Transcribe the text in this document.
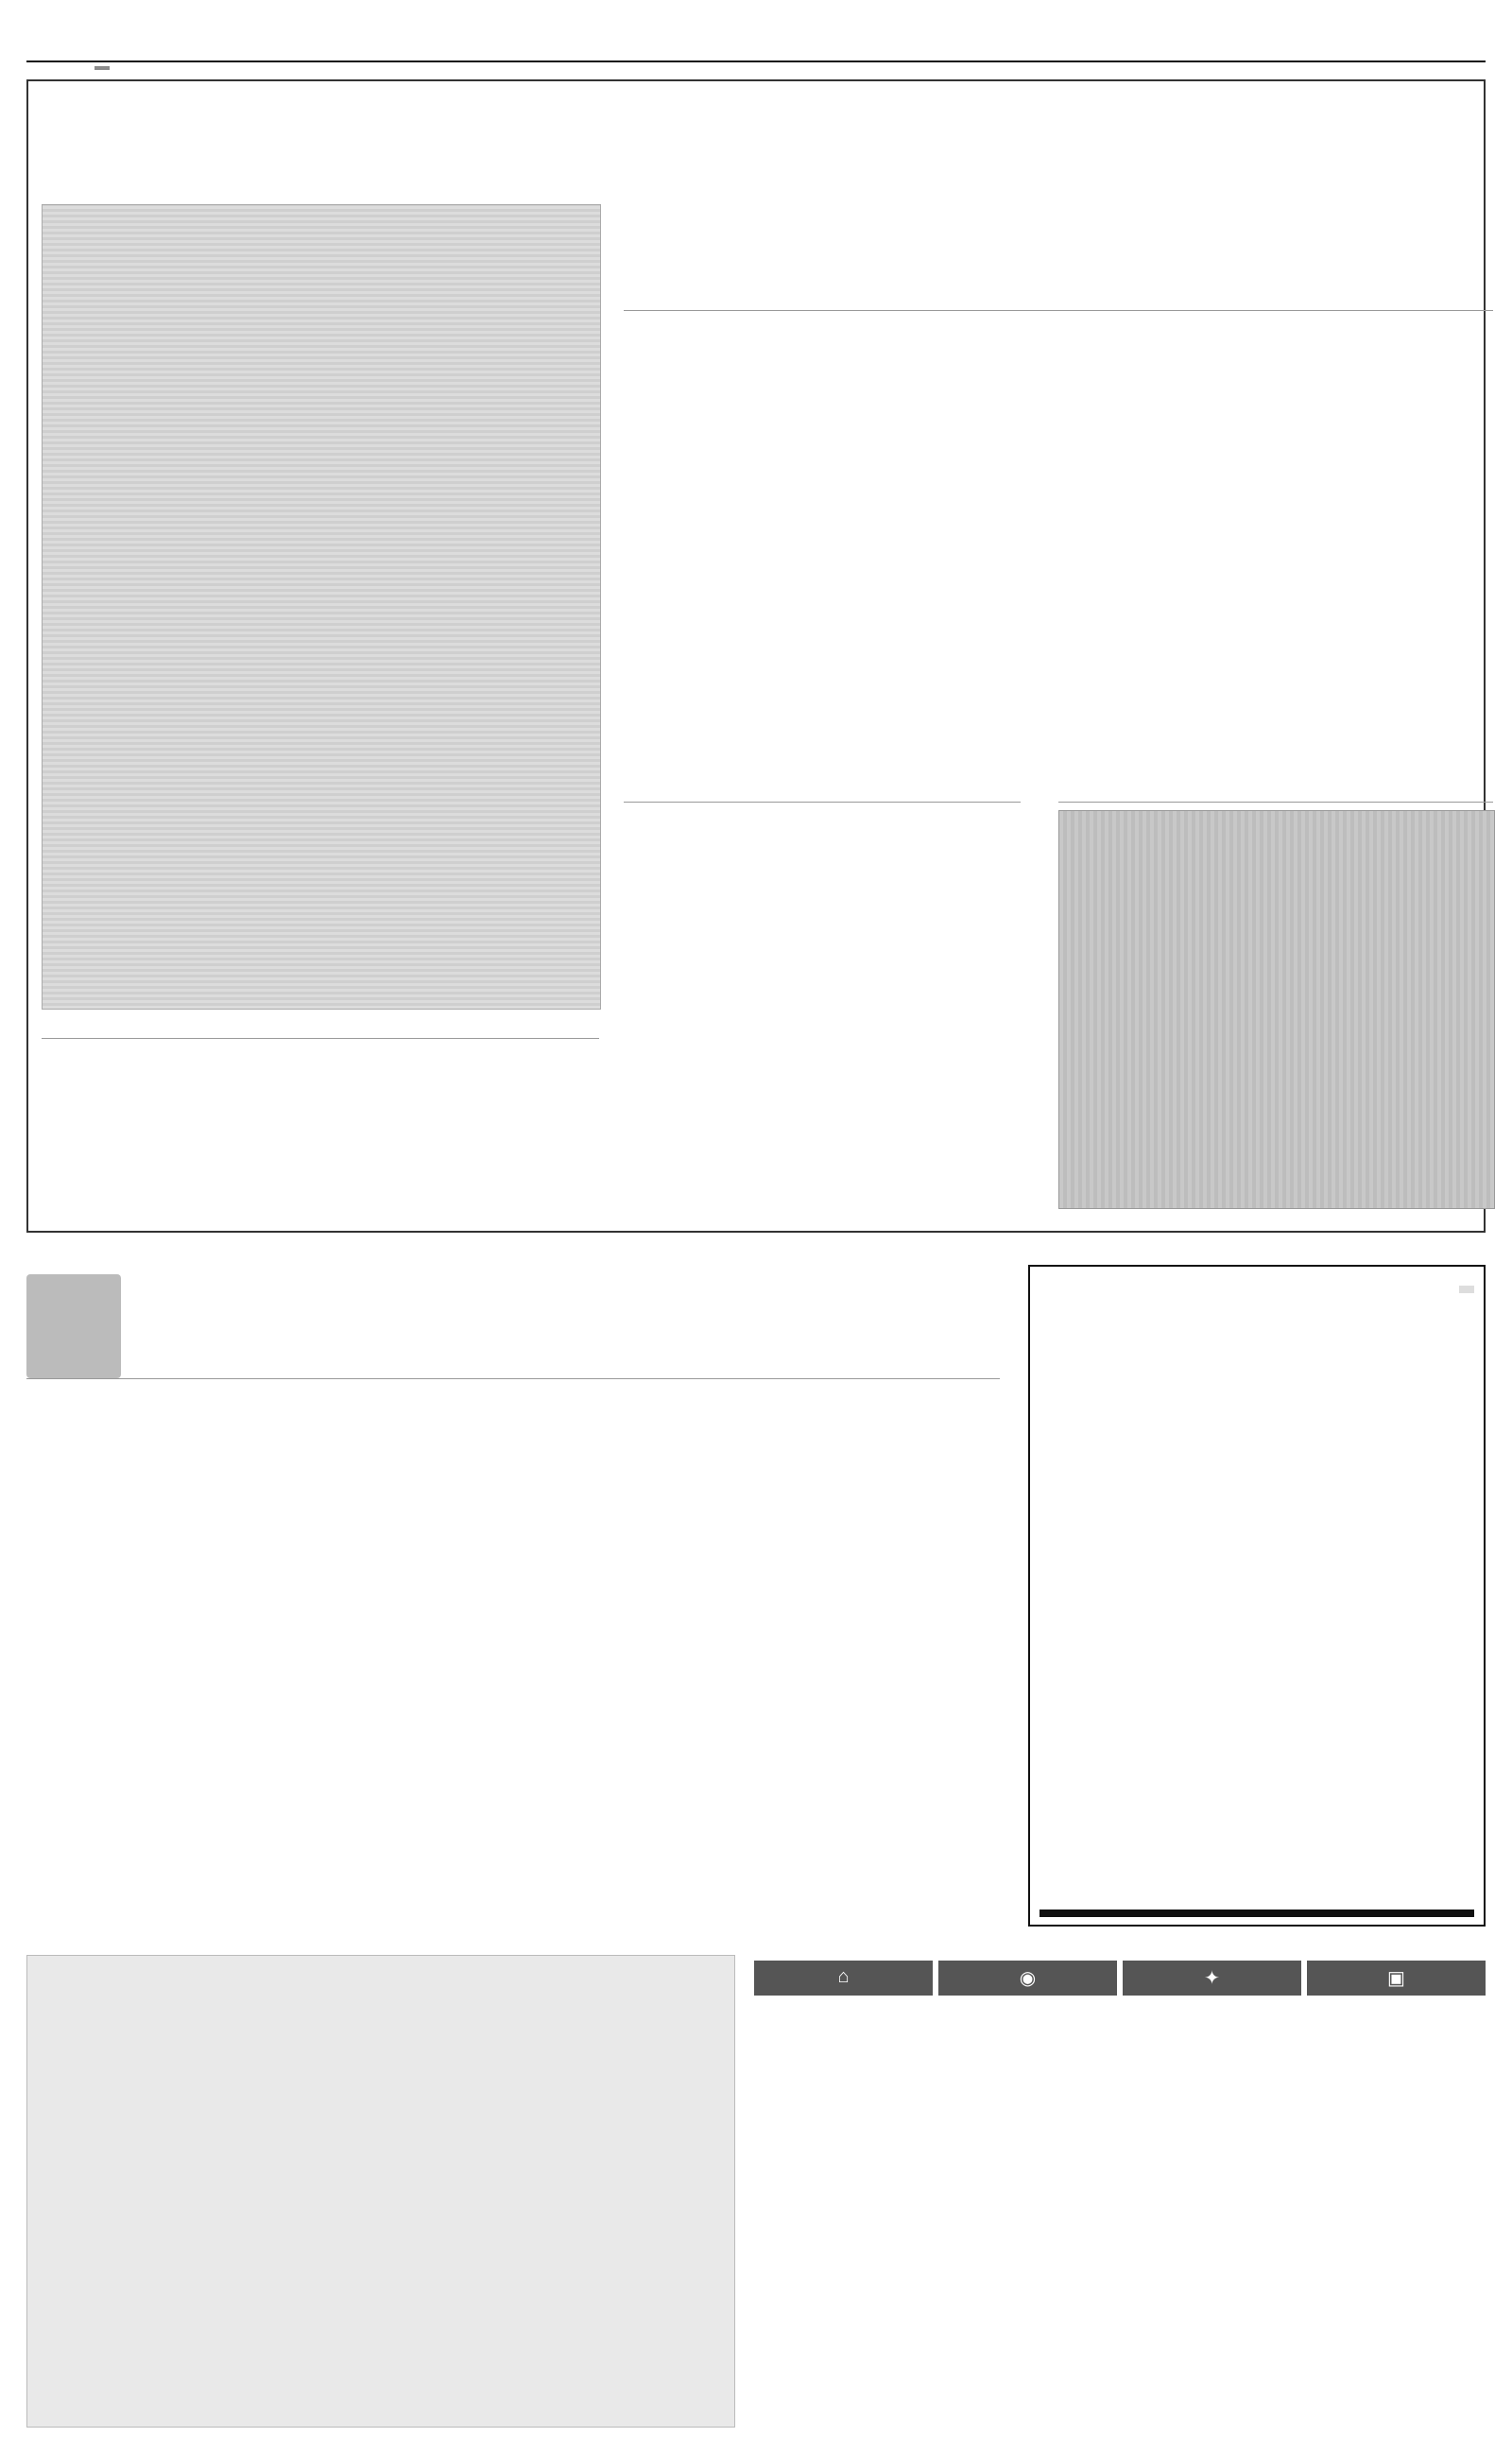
⌂	◉	✦	▣
